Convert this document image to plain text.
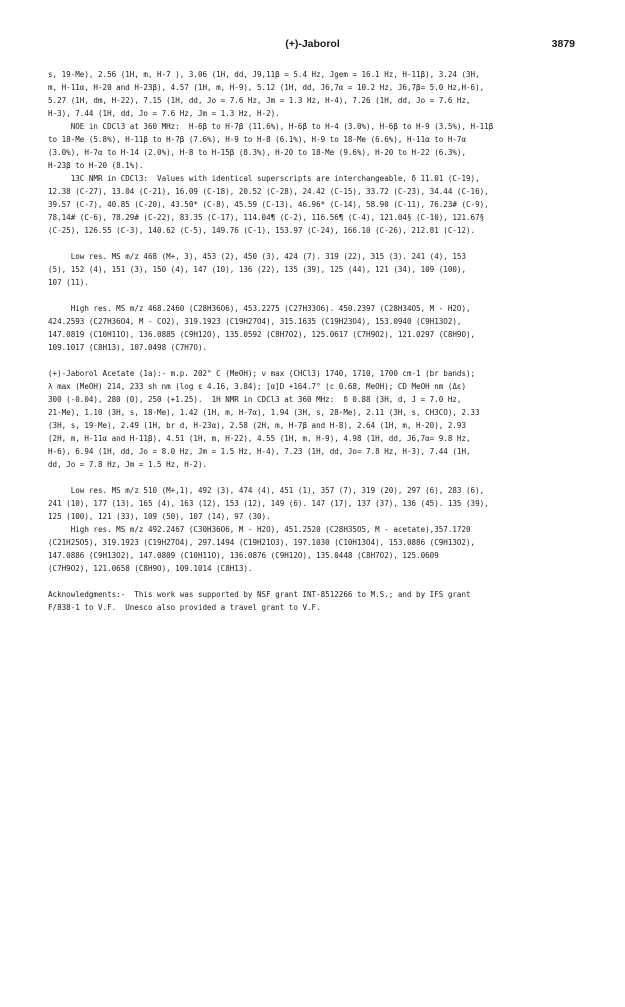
(+)-Jaborol	3879
s, 19-Me), 2.56 (1H, m, H-7 ), 3.06 (1H, dd, J9,11β = 5.4 Hz, Jgem = 16.1 Hz, H-11β), 3.24 (3H,
m, H-11α, H-20 and H-23β), 4.57 (1H, m, H-9), 5.12 (1H, dd, J6,7α = 10.2 Hz, J6,7β= 5.0 Hz,H-6),
5.27 (1H, dm, H-22), 7.15 (1H, dd, Jo = 7.6 Hz, Jm = 1.3 Hz, H-4), 7.26 (1H, dd, Jo = 7.6 Hz,
H-3), 7.44 (1H, dd, Jo = 7.6 Hz, Jm = 1.3 Hz, H-2).
NOE in CDCl3 at 360 MHz:  H-6β to H-7β (11.6%), H-6β to H-4 (3.0%), H-6β to H-9 (3.5%), H-11β
to 18-Me (5.8%), H-11β to H-7β (7.6%), H-9 to H-8 (6.1%), H-9 to 18-Me (6.6%), H-11α to H-7α
(3.0%), H-7α to H-14 (2.0%), H-8 to H-15β (8.3%), H-20 to 18-Me (9.6%), H-20 to H-22 (6.3%),
H-23β to H-20 (8.1%).
13C NMR in CDCl3:  Values with identical superscripts are interchangeable, δ 11.01 (C-19),
12.38 (C-27), 13.04 (C-21), 16.09 (C-18), 20.52 (C-28), 24.42 (C-15), 33.72 (C-23), 34.44 (C-16),
39.57 (C-7), 40.85 (C-20), 43.50* (C-8), 45.59 (C-13), 46.96* (C-14), 58.90 (C-11), 76.23# (C-9),
78.14# (C-6), 78.29# (C-22), 83.35 (C-17), 114.04¶ (C-2), 116.56¶ (C-4), 121.04§ (C-10), 121.67§
(C-25), 126.55 (C-3), 140.62 (C-5), 149.76 (C-1), 153.97 (C-24), 166.10 (C-26), 212.81 (C-12).
Low res. MS m/z 468 (M+, 3), 453 (2), 450 (3), 424 (7). 319 (22), 315 (3). 241 (4), 153
(5), 152 (4), 151 (3), 150 (4), 147 (10), 136 (22), 135 (39), 125 (44), 121 (34), 109 (100),
107 (11).
High res. MS m/z 468.2460 (C28H36O6), 453.2275 (C27H33O6). 450.2397 (C28H34O5, M - H2O),
424.2593 (C27H36O4, M - CO2), 319.1923 (C19H27O4), 315.1635 (C19H23O4), 153.0940 (C9H13O2),
147.0819 (C10H11O), 136.0885 (C9H12O), 135.0592 (C8H7O2), 125.0617 (C7H9O2), 121.0297 (C8H9O),
109.1017 (C8H13), 107.0498 (C7H7O).
(+)-Jaborol Acetate (1a):- m.p. 202° C (MeOH); ν max (CHCl3) 1740, 1710, 1700 cm-1 (br bands);
λ max (MeOH) 214, 233 sh nm (log ε 4.16, 3.84); [α]D +164.7° (c 0.68, MeOH); CD MeOH nm (Δε)
300 (-0.04), 280 (0), 250 (+1.25).  1H NMR in CDCl3 at 360 MHz:  δ 0.88 (3H, d, J = 7.0 Hz,
21-Me), 1.10 (3H, s, 18-Me), 1.42 (1H, m, H-7α), 1.94 (3H, s, 28-Me), 2.11 (3H, s, CH3CO), 2.33
(3H, s, 19-Me), 2.49 (1H, br d, H-23α), 2.58 (2H, m, H-7β and H-8), 2.64 (1H, m, H-20), 2.93
(2H, m, H-11α and H-11β), 4.51 (1H, m, H-22), 4.55 (1H, m, H-9), 4.98 (1H, dd, J6,7α= 9.8 Hz,
H-6), 6.94 (1H, dd, Jo = 8.0 Hz, Jm = 1.5 Hz, H-4), 7.23 (1H, dd, Jo= 7.8 Hz, H-3), 7.44 (1H,
dd, Jo = 7.8 Hz, Jm = 1.5 Hz, H-2).
Low res. MS m/z 510 (M+,1), 492 (3), 474 (4), 451 (1), 357 (7), 319 (20), 297 (6), 283 (6),
241 (10), 177 (13), 165 (4), 163 (12), 153 (12), 149 (6). 147 (17), 137 (37), 136 (45). 135 (39),
125 (100), 121 (33), 109 (50), 107 (14), 97 (30).
High res. MS m/z 492.2467 (C30H36O6, M - H2O), 451.2520 (C28H35O5, M - acetate),357.1720
(C21H25O5), 319.1923 (C19H27O4), 297.1494 (C19H21O3), 197.1030 (C10H13O4), 153.0886 (C9H13O2),
147.0886 (C9H13O2), 147.0809 (C10H11O), 136.0876 (C9H12O), 135.0448 (C8H7O2), 125.0609
(C7H9O2), 121.0658 (C8H9O), 109.1014 (C8H13).
Acknowledgments:-  This work was supported by NSF grant INT-8512266 to M.S.; and by IFS grant
F/838-1 to V.F.  Unesco also provided a travel grant to V.F.
